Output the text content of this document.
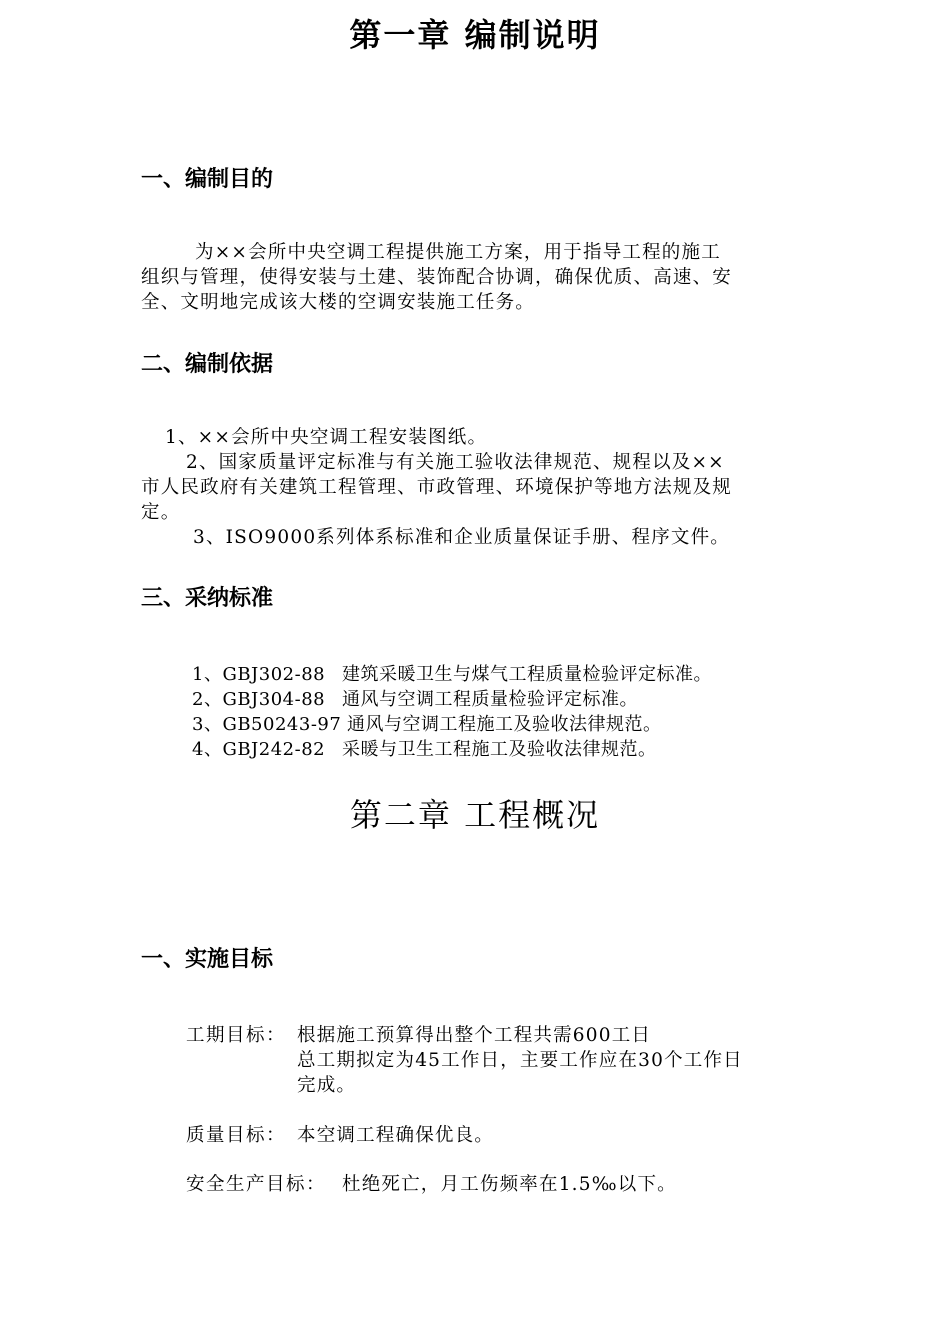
第一章 编制说明
一、编制目的
为××会所中央空调工程提供施工方案，用于指导工程的施工
组织与管理，使得安装与土建、装饰配合协调，确保优质、高速、安
全、文明地完成该大楼的空调安装施工任务。
二、编制依据
1、××会所中央空调工程安装图纸。
2、国家质量评定标准与有关施工验收法律规范、规程以及××
市人民政府有关建筑工程管理、市政管理、环境保护等地方法规及规
定。
3、ISO9000系列体系标准和企业质量保证手册、程序文件。
三、采纳标准
1、GBJ302-88 建筑采暖卫生与煤气工程质量检验评定标准。
2、GBJ304-88 通风与空调工程质量检验评定标准。
3、GB50243-97 通风与空调工程施工及验收法律规范。
4、GBJ242-82 采暖与卫生工程施工及验收法律规范。
第二章 工程概况
一、实施目标
工期目标： 根据施工预算得出整个工程共需600工日
总工期拟定为45工作日，主要工作应在30个工作日
完成。
质量目标： 本空调工程确保优良。
安全生产目标： 杜绝死亡，月工伤频率在1.5‰以下。
